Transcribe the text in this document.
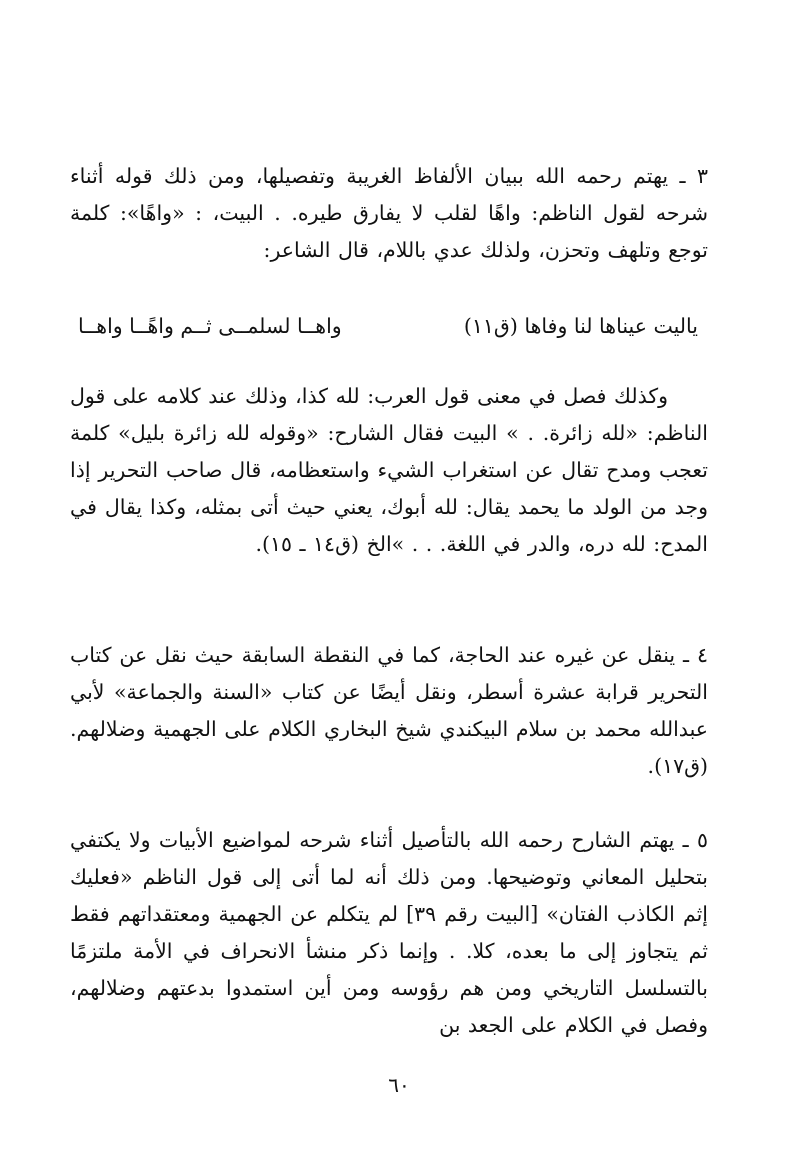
٣ ـ يهتم رحمه الله ببيان الألفاظ الغريبة وتفصيلها، ومن ذلك قوله أثناء شرحه لقول الناظم: واهًا لقلب لا يفارق طيره. . البيت، : «واهًا»: كلمة توجع وتلهف وتحزن، ولذلك عدي باللام، قال الشاعر:

ياليت عيناها لنا وفاها (ق١١)
واهــا لسلمــى ثــم واهًــا واهــا

وكذلك فصل في معنى قول العرب: لله كذا، وذلك عند كلامه على قول الناظم: «لله زائرة. . » البيت فقال الشارح: «وقوله لله زائرة بليل» كلمة تعجب ومدح تقال عن استغراب الشيء واستعظامه، قال صاحب التحرير إذا وجد من الولد ما يحمد يقال: لله أبوك، يعني حيث أتى بمثله، وكذا يقال في المدح: لله دره، والدر في اللغة. . . »الخ (ق١٤ ـ ١٥).

٤ ـ ينقل عن غيره عند الحاجة، كما في النقطة السابقة حيث نقل عن كتاب التحرير قرابة عشرة أسطر، ونقل أيضًا عن كتاب «السنة والجماعة» لأبي عبدالله محمد بن سلام البيكندي شيخ البخاري الكلام على الجهمية وضلالهم. (ق١٧).

٥ ـ يهتم الشارح رحمه الله بالتأصيل أثناء شرحه لمواضيع الأبيات ولا يكتفي بتحليل المعاني وتوضيحها. ومن ذلك أنه لما أتى إلى قول الناظم «فعليك إثم الكاذب الفتان» [البيت رقم ٣٩] لم يتكلم عن الجهمية ومعتقداتهم فقط ثم يتجاوز إلى ما بعده، كلا. . وإنما ذكر منشأ الانحراف في الأمة ملتزمًا بالتسلسل التاريخي ومن هم رؤوسه ومن أين استمدوا بدعتهم وضلالهم، وفصل في الكلام على الجعد بن

٦٠
